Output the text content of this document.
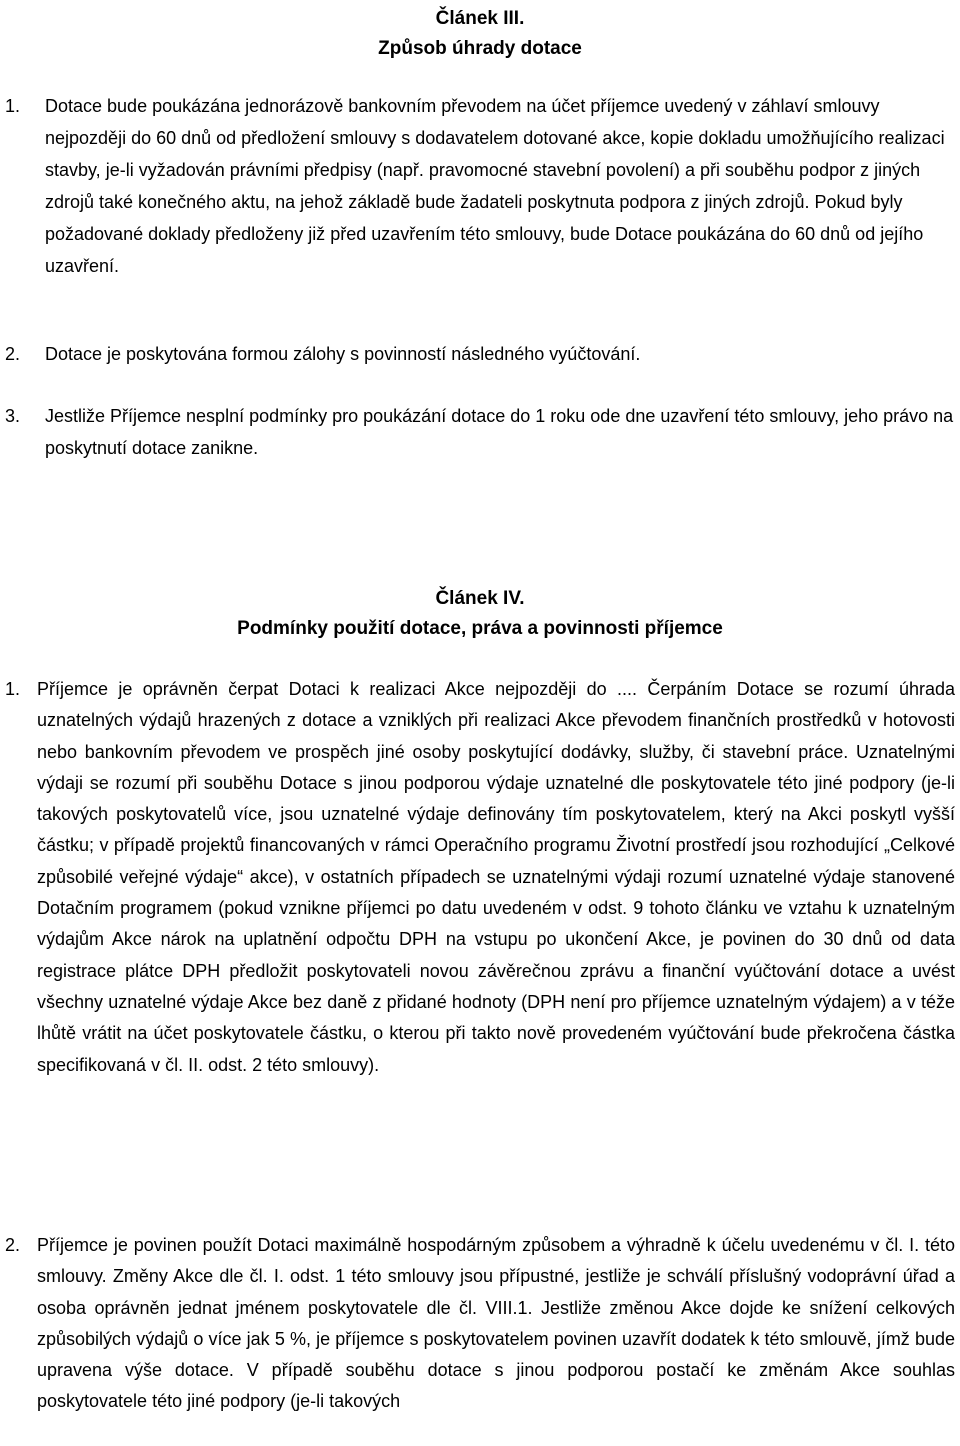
Článek III.
Způsob úhrady dotace
1.	Dotace bude poukázána jednorázově bankovním převodem na účet příjemce uvedený v záhlaví smlouvy nejpozději do 60 dnů od předložení smlouvy s dodavatelem dotované akce, kopie dokladu umožňujícího realizaci stavby, je-li vyžadován právními předpisy (např. pravomocné stavební povolení) a při souběhu podpor z jiných zdrojů také konečného aktu, na jehož základě bude žadateli poskytnuta podpora z jiných zdrojů. Pokud byly požadované doklady předloženy již před uzavřením této smlouvy, bude Dotace poukázána do 60 dnů od jejího uzavření.
2.	Dotace je poskytována formou zálohy s povinností následného vyúčtování.
3.	Jestliže Příjemce nesplní podmínky pro poukázání dotace do 1 roku ode dne uzavření této smlouvy, jeho právo na poskytnutí dotace zanikne.
Článek IV.
Podmínky použití dotace, práva a povinnosti příjemce
1. Příjemce je oprávněn čerpat Dotaci k realizaci Akce nejpozději do .... Čerpáním Dotace se rozumí úhrada uznatelných výdajů hrazených z dotace a vzniklých při realizaci Akce převodem finančních prostředků v hotovosti nebo bankovním převodem ve prospěch jiné osoby poskytující dodávky, služby, či stavební práce. Uznatelnými výdaji se rozumí při souběhu Dotace s jinou podporou výdaje uznatelné dle poskytovatele této jiné podpory (je-li takových poskytovatelů více, jsou uznatelné výdaje definovány tím poskytovatelem, který na Akci poskytl vyšší částku; v případě projektů financovaných v rámci Operačního programu Životní prostředí jsou rozhodující „Celkové způsobilé veřejné výdaje“ akce), v ostatních případech se uznatelnými výdaji rozumí uznatelné výdaje stanovené Dotačním programem (pokud vznikne příjemci po datu uvedeném v odst. 9 tohoto článku ve vztahu k uznatelným výdajům Akce nárok na uplatnění odpočtu DPH na vstupu po ukončení Akce, je povinen do 30 dnů od data registrace plátce DPH předložit poskytovateli novou závěrečnou zprávu a finanční vyúčtování dotace a uvést všechny uznatelné výdaje Akce bez daně z přidané hodnoty (DPH není pro příjemce uznatelným výdajem) a v téže lhůtě vrátit na účet poskytovatele částku, o kterou při takto nově provedeném vyúčtování bude překročena částka specifikovaná v čl. II. odst. 2 této smlouvy).
2. Příjemce je povinen použít Dotaci maximálně hospodárným způsobem a výhradně k účelu uvedenému v čl. I. této smlouvy. Změny Akce dle čl. I. odst. 1 této smlouvy jsou přípustné, jestliže je schválí příslušný vodoprávní úřad a osoba oprávněn jednat jménem poskytovatele dle čl. VIII.1. Jestliže změnou Akce dojde ke snížení celkových způsobilých výdajů o více jak 5 %, je příjemce s poskytovatelem povinen uzavřít dodatek k této smlouvě, jímž bude upravena výše dotace. V případě souběhu dotace s jinou podporou postačí ke změnám Akce souhlas poskytovatele této jiné podpory (je-li takových
